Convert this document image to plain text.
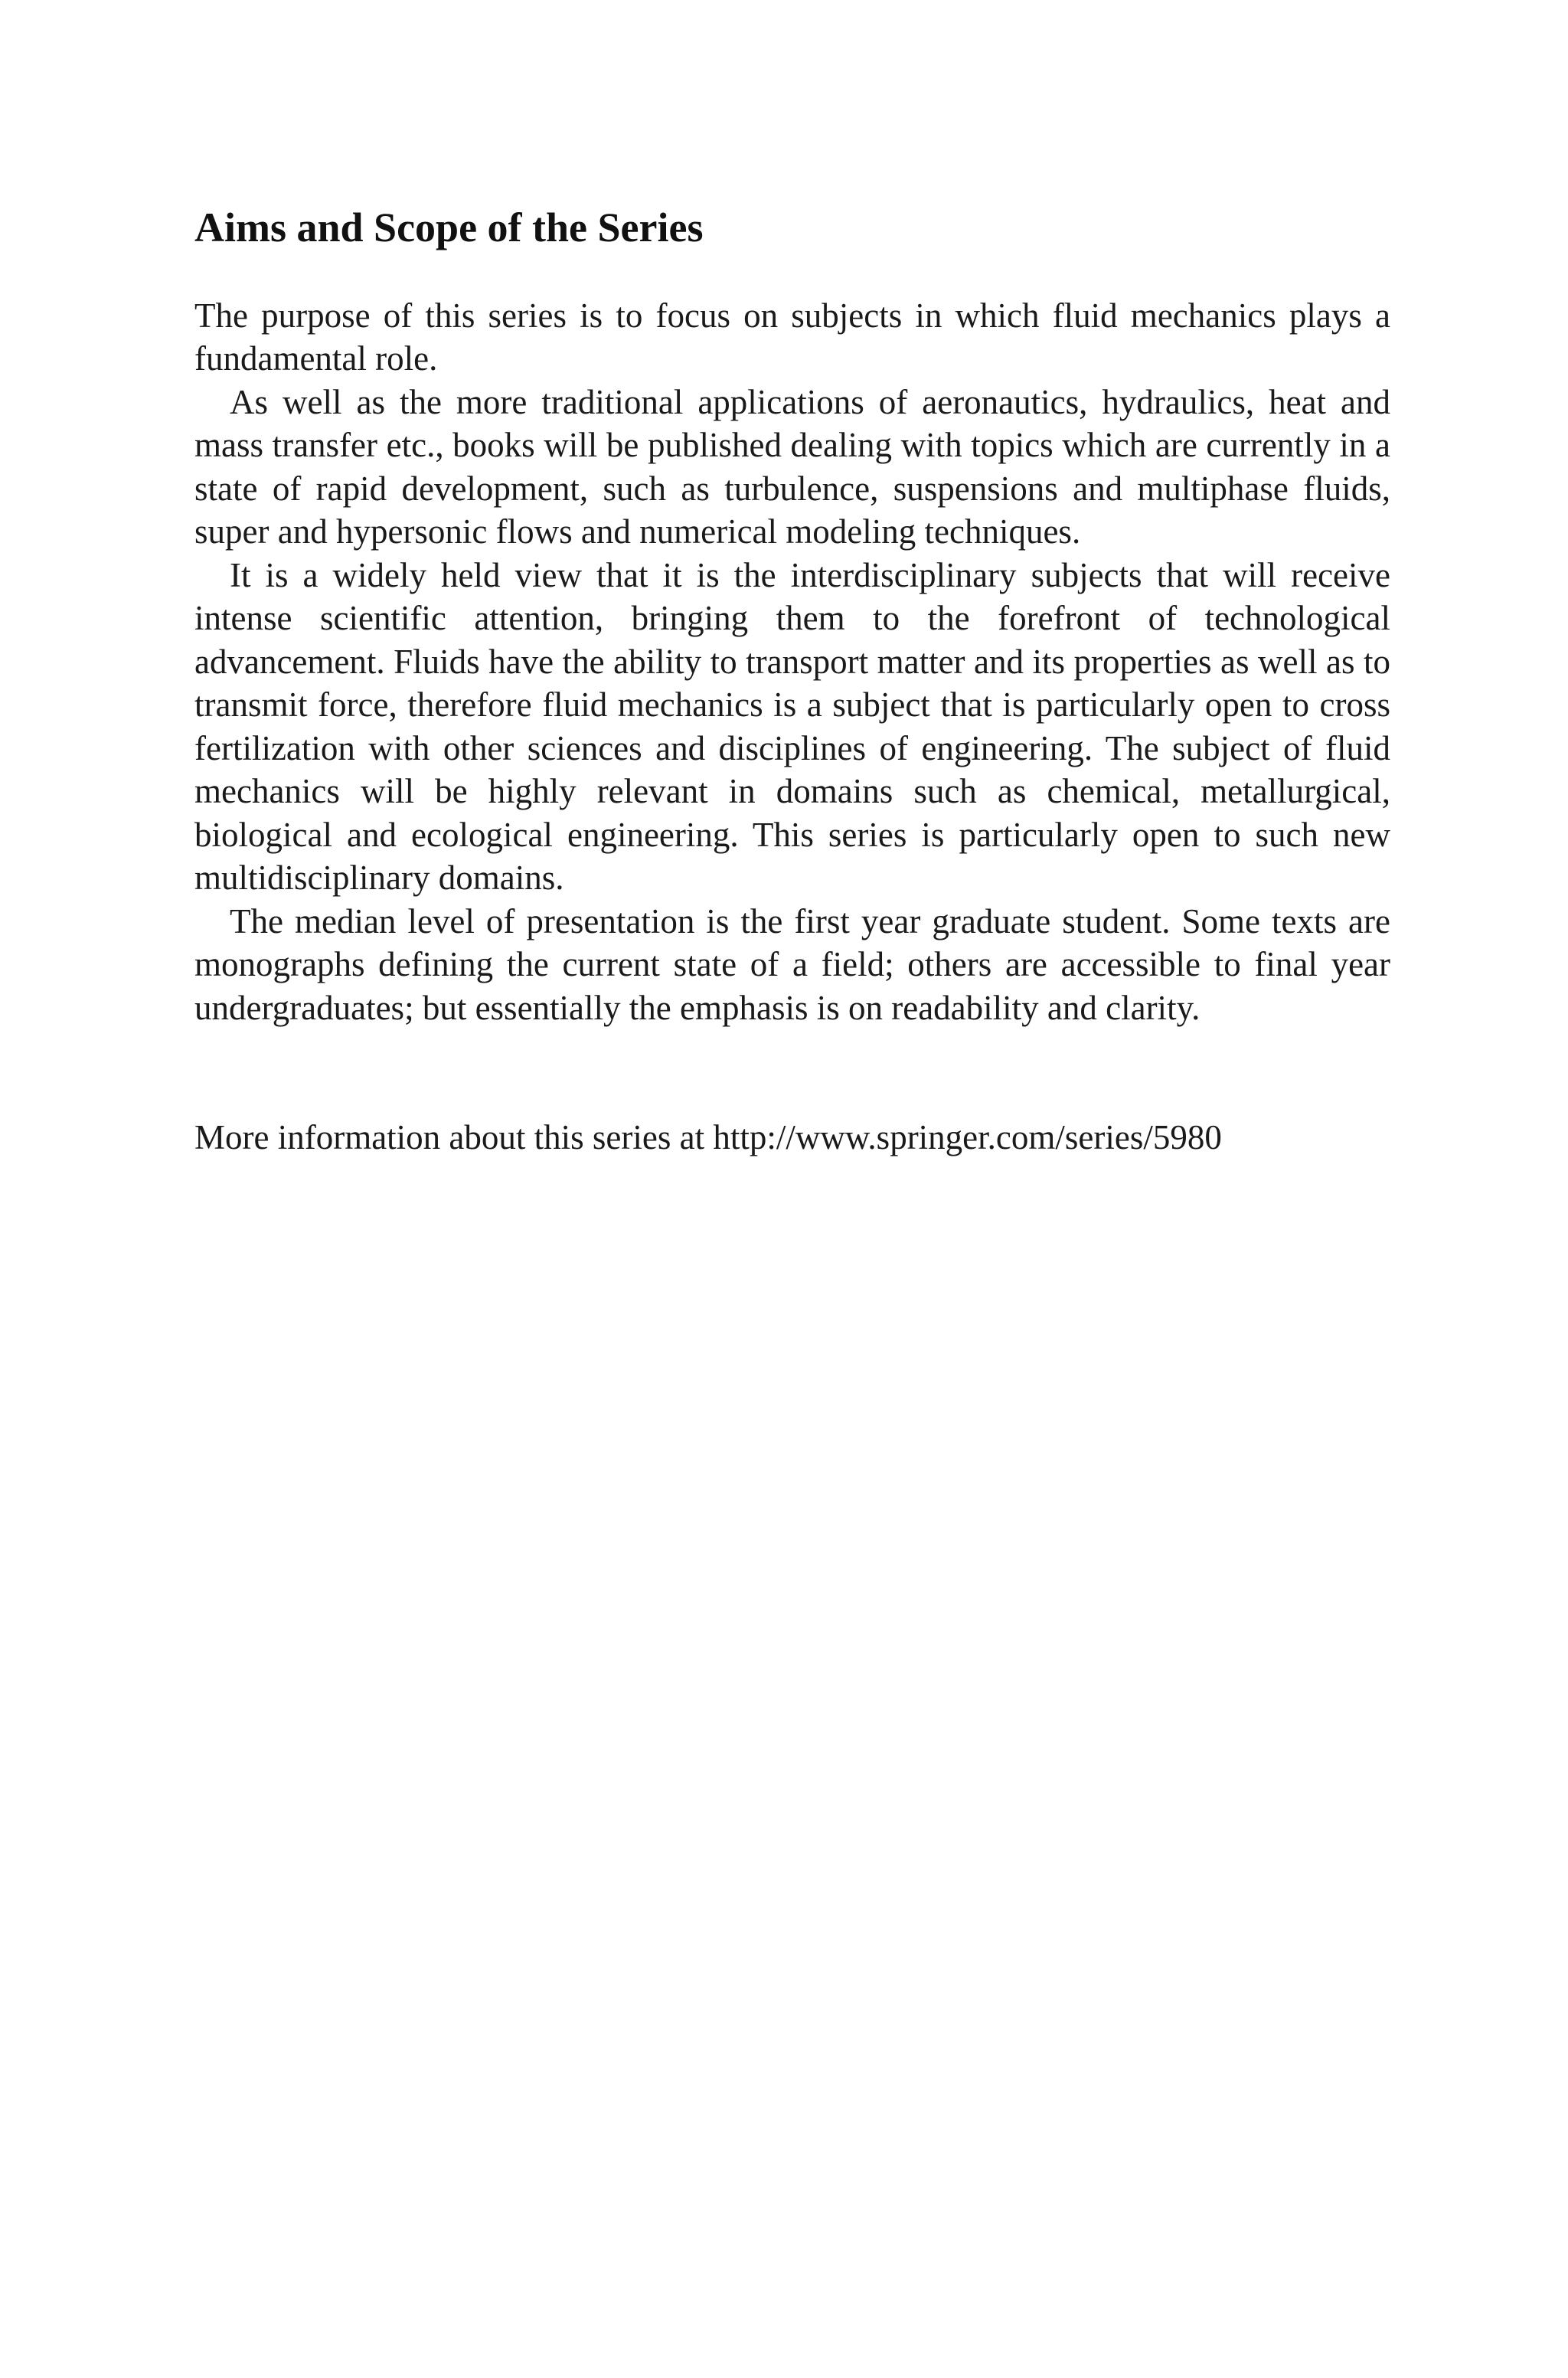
Aims and Scope of the Series

The purpose of this series is to focus on subjects in which fluid mechanics plays a fundamental role.

As well as the more traditional applications of aeronautics, hydraulics, heat and mass transfer etc., books will be published dealing with topics which are currently in a state of rapid development, such as turbulence, suspensions and multiphase fluids, super and hypersonic flows and numerical modeling techniques.

It is a widely held view that it is the interdisciplinary subjects that will receive intense scientific attention, bringing them to the forefront of technological advancement. Fluids have the ability to transport matter and its properties as well as to transmit force, therefore fluid mechanics is a subject that is particularly open to cross fertilization with other sciences and disciplines of engineering. The subject of fluid mechanics will be highly relevant in domains such as chemical, metallurgical, biological and ecological engineering. This series is particularly open to such new multidisciplinary domains.

The median level of presentation is the first year graduate student. Some texts are monographs defining the current state of a field; others are accessible to final year undergraduates; but essentially the emphasis is on readability and clarity.

More information about this series at http://www.springer.com/series/5980
